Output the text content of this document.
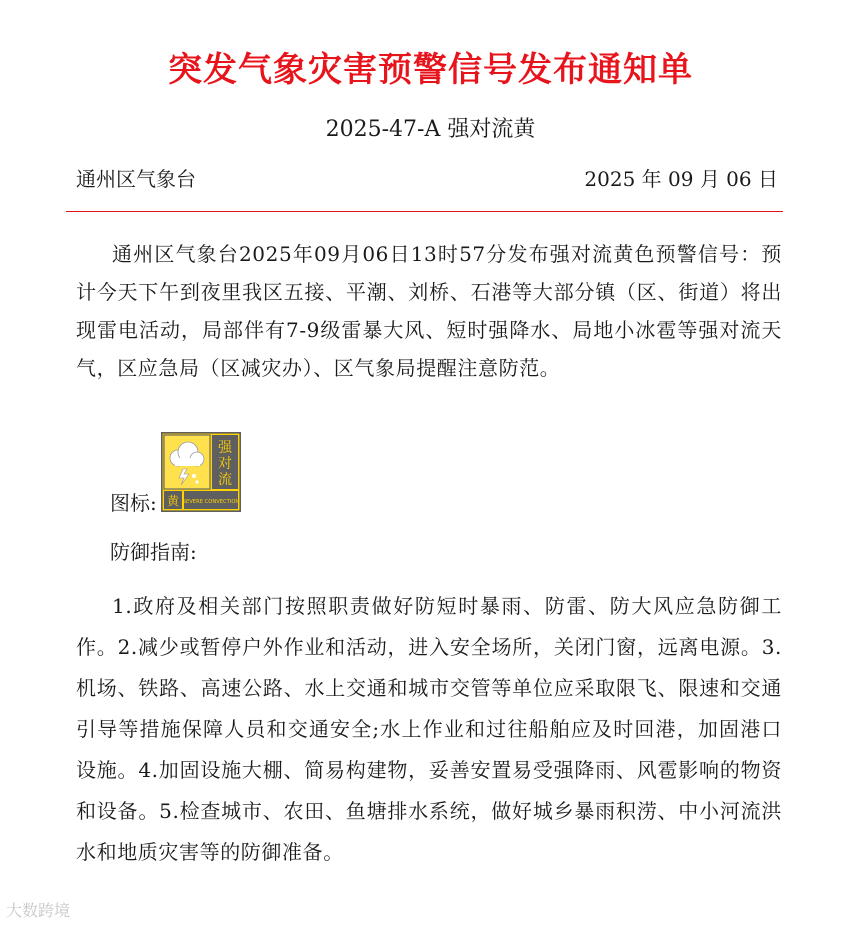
突发气象灾害预警信号发布通知单

2025-47-A 强对流黄

通州区气象台	2025 年 09 月 06 日

通州区气象台2025年09月06日13时57分发布强对流黄色预警信号：预计今天下午到夜里我区五接、平潮、刘桥、石港等大部分镇（区、街道）将出现雷电活动，局部伴有7-9级雷暴大风、短时强降水、局地小冰雹等强对流天气，区应急局（区减灾办）、区气象局提醒注意防范。

图标:
强
对
流
黄 SEVERE CONVECTION

防御指南:

1.政府及相关部门按照职责做好防短时暴雨、防雷、防大风应急防御工作。2.减少或暂停户外作业和活动，进入安全场所，关闭门窗，远离电源。3.机场、铁路、高速公路、水上交通和城市交管等单位应采取限飞、限速和交通引导等措施保障人员和交通安全;水上作业和过往船舶应及时回港，加固港口设施。4.加固设施大棚、简易构建物，妥善安置易受强降雨、风雹影响的物资和设备。5.检查城市、农田、鱼塘排水系统，做好城乡暴雨积涝、中小河流洪水和地质灾害等的防御准备。

大数跨境
